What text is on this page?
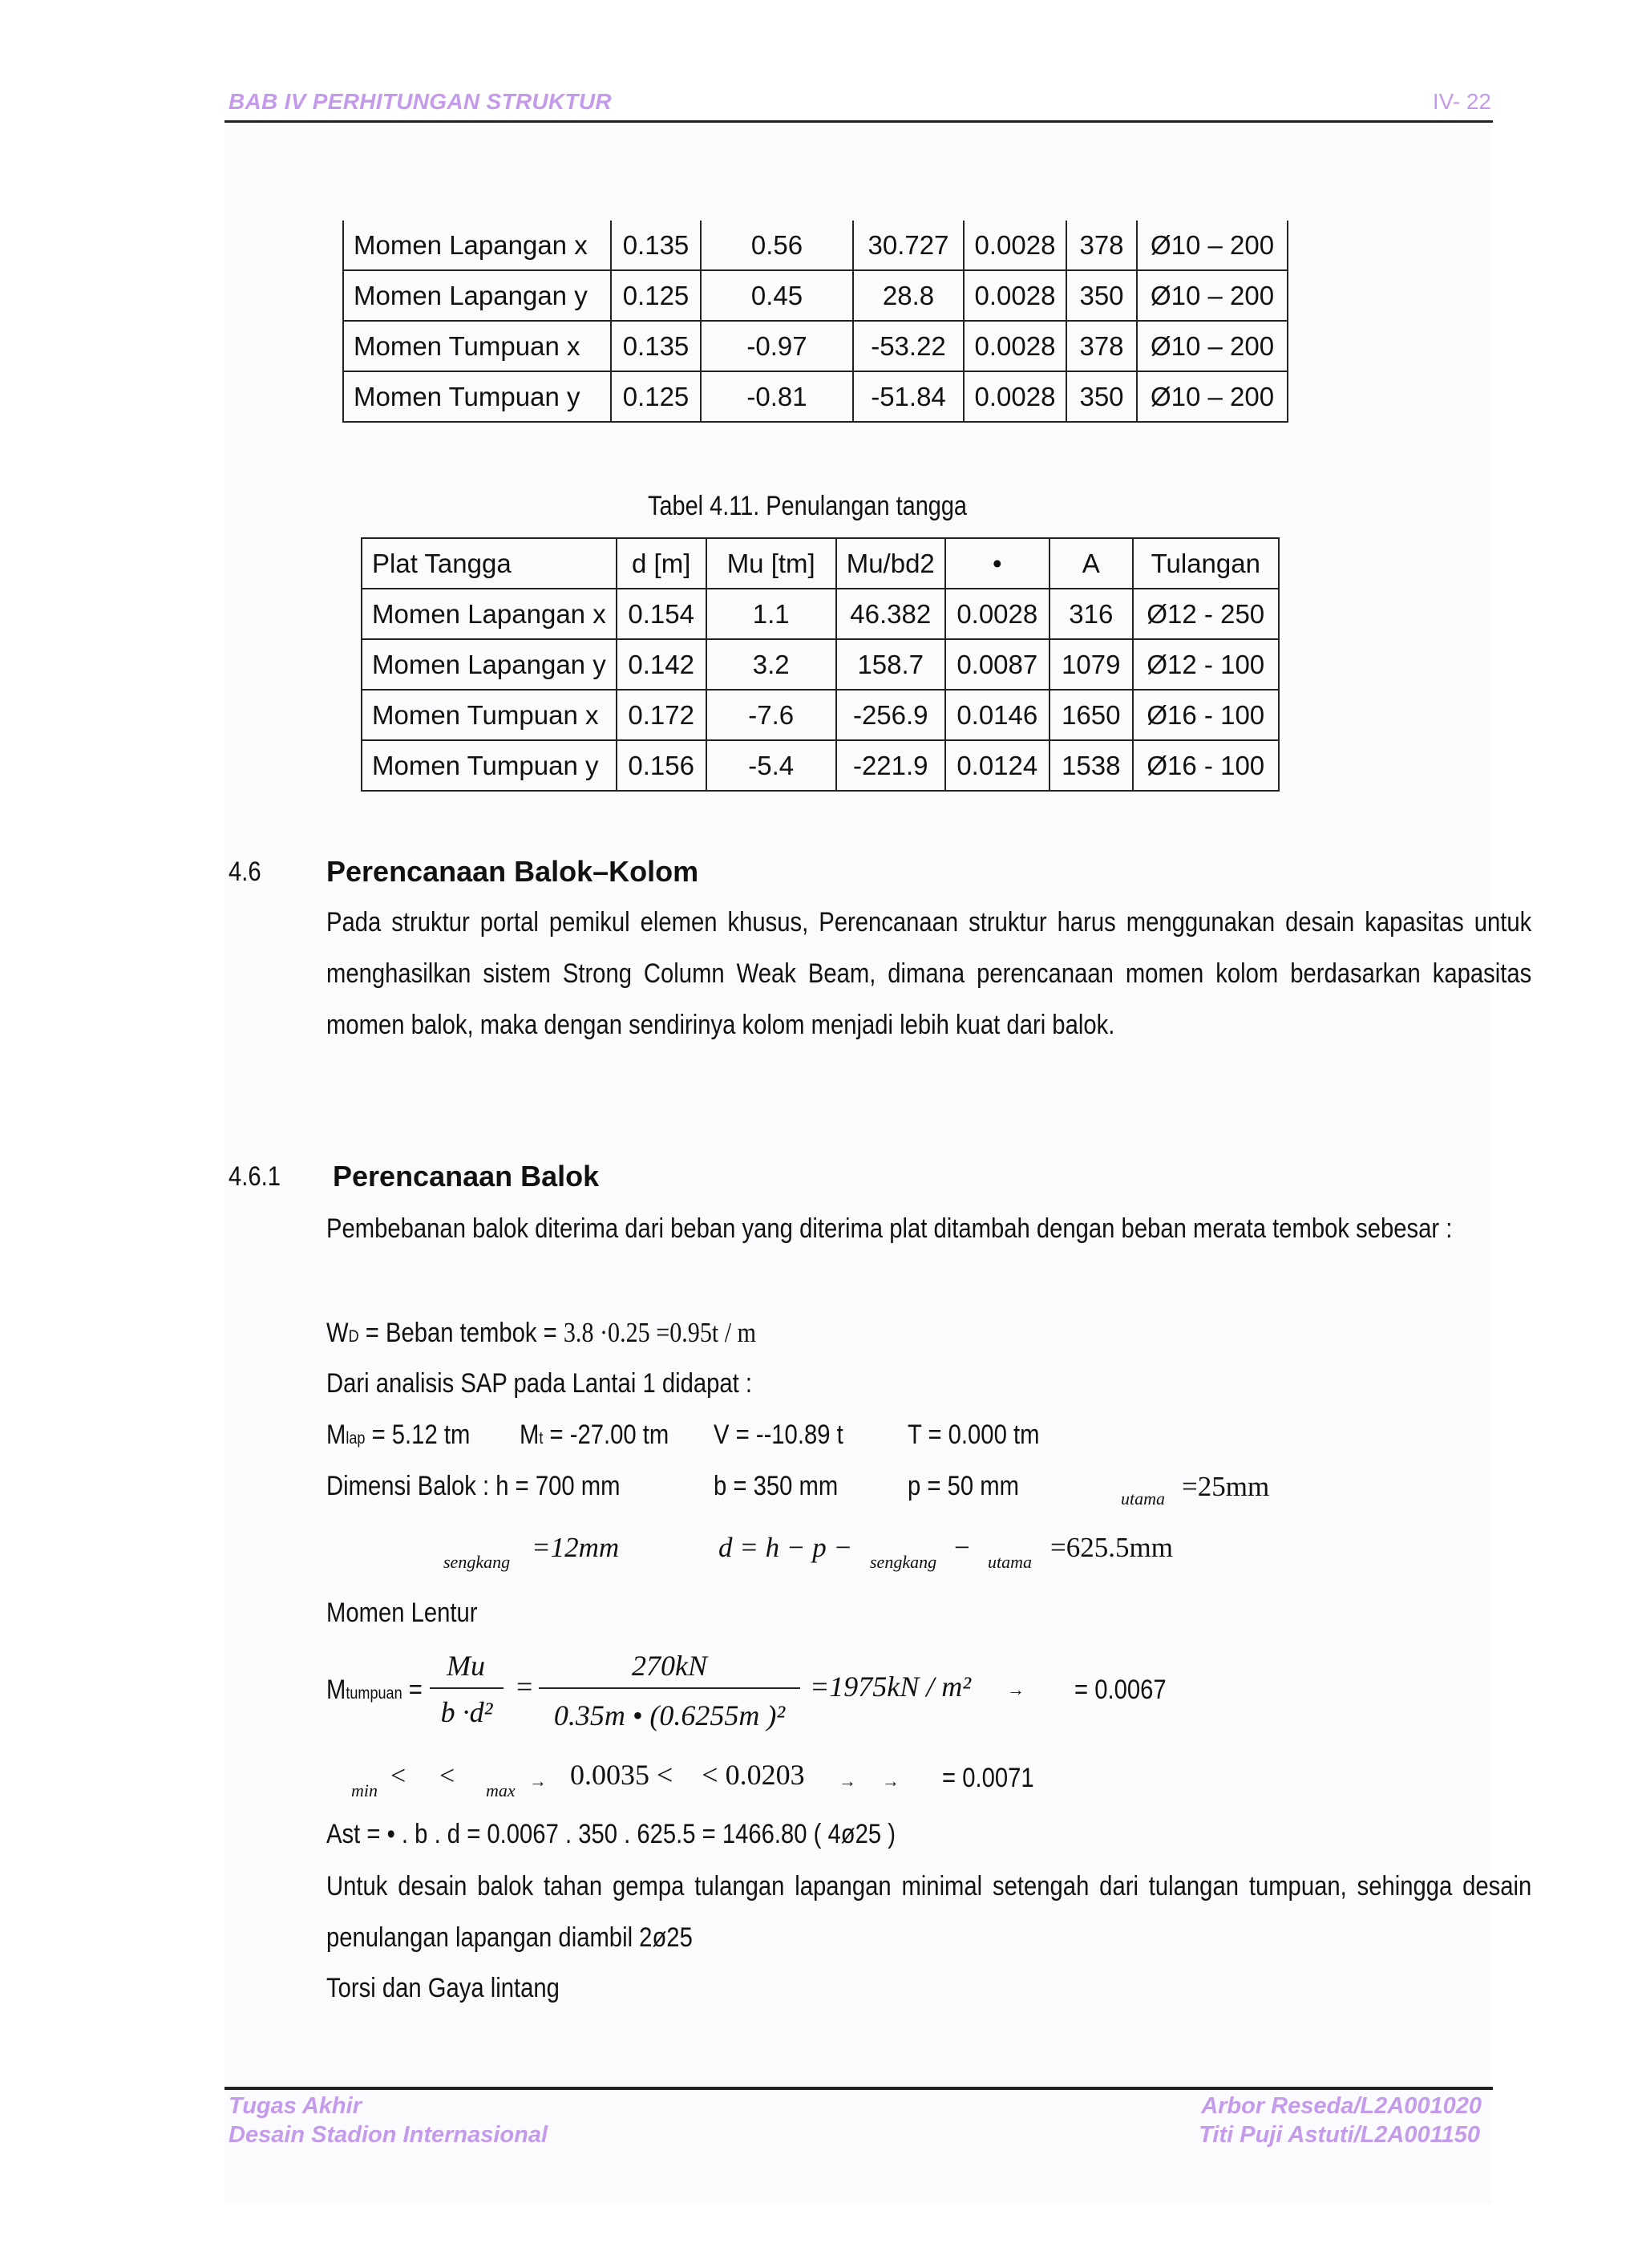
BAB IV PERHITUNGAN STRUKTUR	IV- 22
Momen Lapangan x	0.135	0.56	30.727	0.0028	378	Ø10 – 200
Momen Lapangan y	0.125	0.45	28.8	0.0028	350	Ø10 – 200
Momen Tumpuan x	0.135	-0.97	-53.22	0.0028	378	Ø10 – 200
Momen Tumpuan y	0.125	-0.81	-51.84	0.0028	350	Ø10 – 200
Tabel 4.11. Penulangan tangga
Plat Tangga	d [m]	Mu [tm]	Mu/bd2	•	A	Tulangan
Momen Lapangan x	0.154	1.1	46.382	0.0028	316	Ø12 - 250
Momen Lapangan y	0.142	3.2	158.7	0.0087	1079	Ø12 - 100
Momen Tumpuan x	0.172	-7.6	-256.9	0.0146	1650	Ø16 - 100
Momen Tumpuan y	0.156	-5.4	-221.9	0.0124	1538	Ø16 - 100
4.6 Perencanaan Balok–Kolom
Pada struktur portal pemikul elemen khusus, Perencanaan struktur harus menggunakan desain kapasitas untuk menghasilkan sistem Strong Column Weak Beam, dimana perencanaan momen kolom berdasarkan kapasitas momen balok, maka dengan sendirinya kolom menjadi lebih kuat dari balok.
4.6.1 Perencanaan Balok
Pembebanan balok diterima dari beban yang diterima plat ditambah dengan beban merata tembok sebesar :
WD = Beban tembok = 3.8 ·0.25 =0.95t / m
Dari analisis SAP pada Lantai 1 didapat :
Mlap = 5.12 tm Mt = -27.00 tm V = --10.89 t T = 0.000 tm
Dimensi Balok : h = 700 mm	b = 350 mm	p = 50 mm	utama =25mm
sengkang =12mm	d = h − p − sengkang − utama =625.5mm
Momen Lentur
Mtumpuan =
Mu
b ·d²
=
270kN
0.35m • (0.6255m )²
=1975kN / m² → = 0.0067
min < < max → 0.0035 <    < 0.0203 → → = 0.0071
Ast = • . b . d = 0.0067 . 350 . 625.5 = 1466.80 ( 4ø25 )
Untuk desain balok tahan gempa tulangan lapangan minimal setengah dari tulangan tumpuan, sehingga desain penulangan lapangan diambil 2ø25
Torsi dan Gaya lintang
Tugas Akhir
Desain Stadion Internasional
Arbor Reseda/L2A001020
Titi Puji Astuti/L2A001150
